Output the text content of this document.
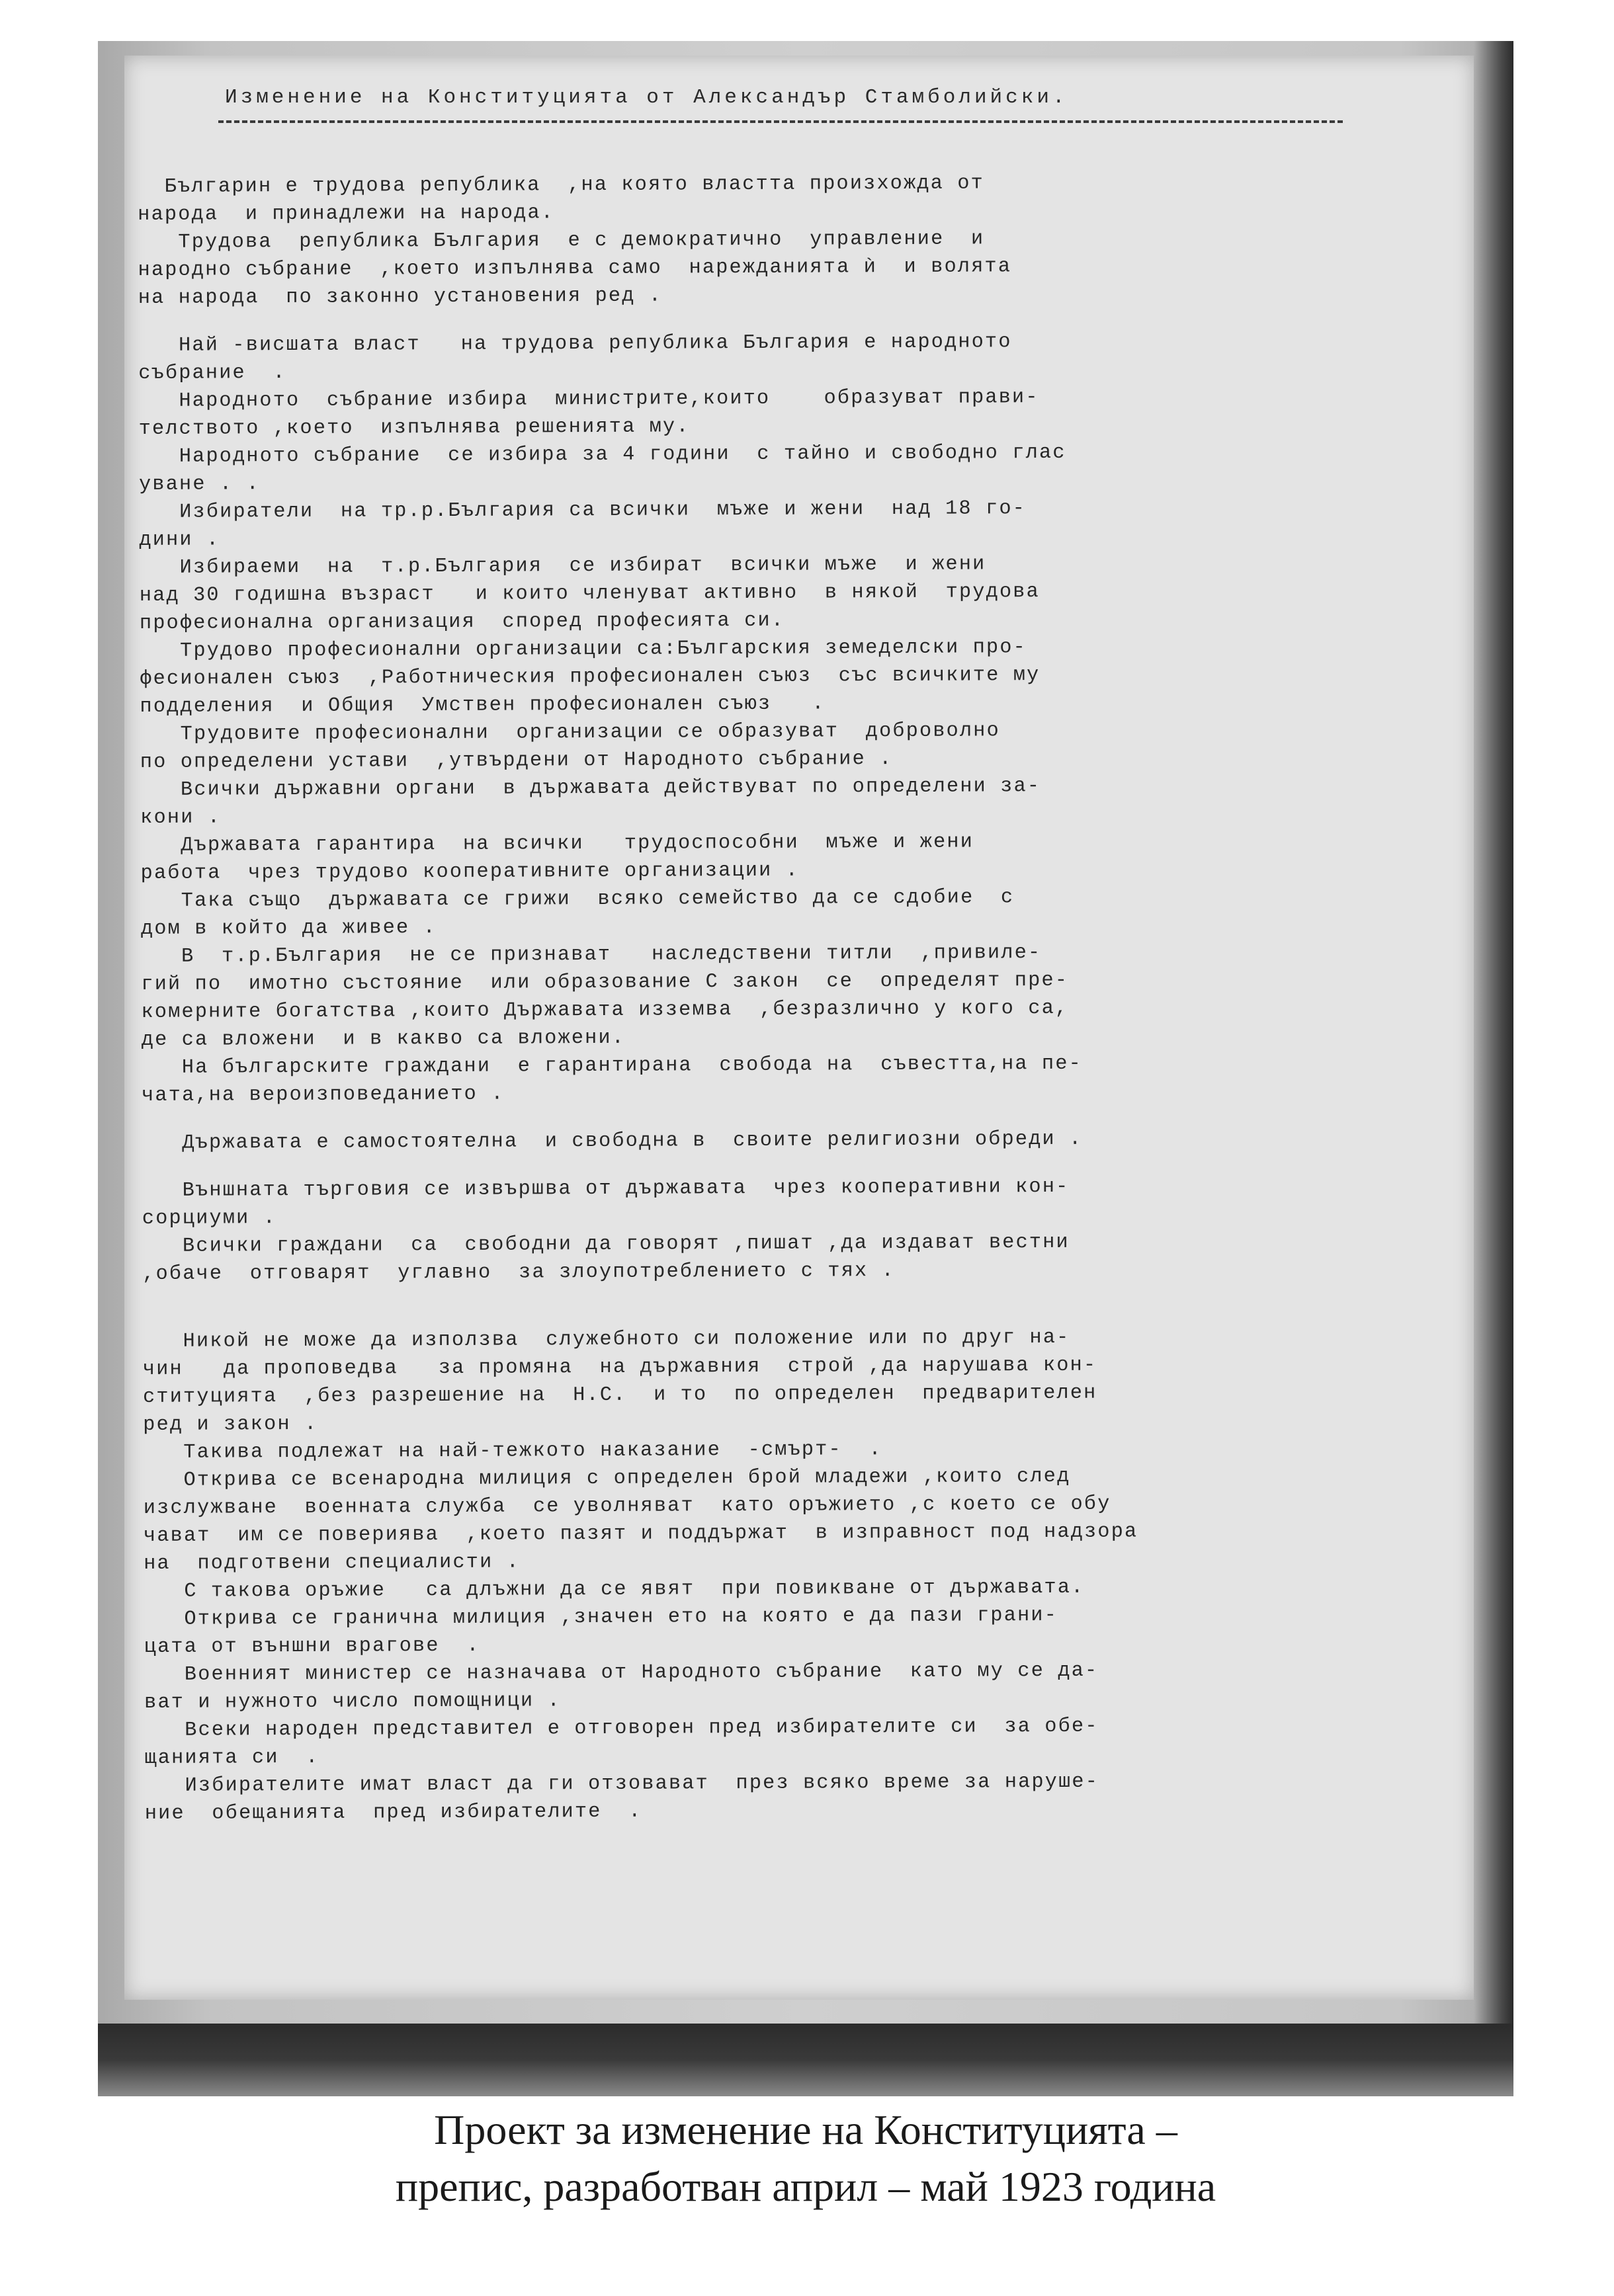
Изменение на Конституцията от Александър Стамболийски.
Българин е трудова република  ,на която властта произхожда от
народа  и принадлежи на народа.
Трудова  република България  е с демократично  управление  и
народно събрание  ,което изпълнява само  нарежданията ѝ  и волята
на народа  по законно установения ред .

Най -висшата власт   на трудова република България е народното
събрание  .
Народното  събрание избира  министрите,които    образуват прави-
телството ,което  изпълнява решенията му.
Народното събрание  се избира за 4 години  с тайно и свободно глас
уване . .
Избиратели  на тр.р.България са всички  мъже и жени  над 18 го-
дини .
Избираеми  на  т.р.България  се избират  всички мъже  и жени
над 30 годишна възраст   и които членуват активно  в някой  трудова
професионална организация  според професията си.
Трудово професионални организации са:Българския земеделски про-
фесионален съюз  ,Работническия професионален съюз  със всичките му
подделения  и Общия  Умствен професионален съюз   .
Трудовите професионални  организации се образуват  доброволно
по определени устави  ,утвърдени от Народното събрание .
Всички държавни органи  в държавата действуват по определени за-
кони .
Държавата гарантира  на всички   трудоспособни  мъже и жени
работа  чрез трудово кооперативните организации .
Така също  държавата се грижи  всяко семейство да се сдобие  с
дом в който да живее .
В  т.р.България  не се признават   наследствени титли  ,привиле-
гий по  имотно състояние  или образование С закон  се  определят пре-
комерните богатства ,които Държавата изземва  ,безразлично у кого са,
де са вложени  и в какво са вложени.
На българските граждани  е гарантирана  свобода на  съвестта,на пе-
чата,на вероизповеданието .

Държавата е самостоятелна  и свободна в  своите религиозни обреди .

Външната търговия се извършва от държавата  чрез кооперативни кон-
сорциуми .
Всички граждани  са  свободни да говорят ,пишат ,да издават вестни
,обаче  отговарят  углавно  за злоупотреблението с тях .

Никой не може да използва  служебното си положение или по друг на-
чин   да проповедва   за промяна  на държавния  строй ,да нарушава кон-
ституцията  ,без разрешение на  Н.С.  и то  по определен  предварителен
ред и закон .
Такива подлежат на най-тежкото наказание  -смърт-  .
Открива се всенародна милиция с определен брой младежи ,които след
изслужване  военната служба  се уволняват  като оръжието ,с което се обу
чават  им се повериява  ,което пазят и поддържат  в изправност под надзора
на  подготвени специалисти .
С такова оръжие   са длъжни да се явят  при повикване от държавата.
Открива се гранична милиция ,значен ето на която е да пази грани-
цата от външни врагове  .
Военният министер се назначава от Народното събрание  като му се да-
ват и нужното число помощници .
Всеки народен представител е отговорен пред избирателите си  за обе-
щанията си  .
Избирателите имат власт да ги отзовават  през всяко време за наруше-
ние  обещанията  пред избирателите  .
Проект за изменение на Конституцията –
препис, разработван април – май 1923 година
